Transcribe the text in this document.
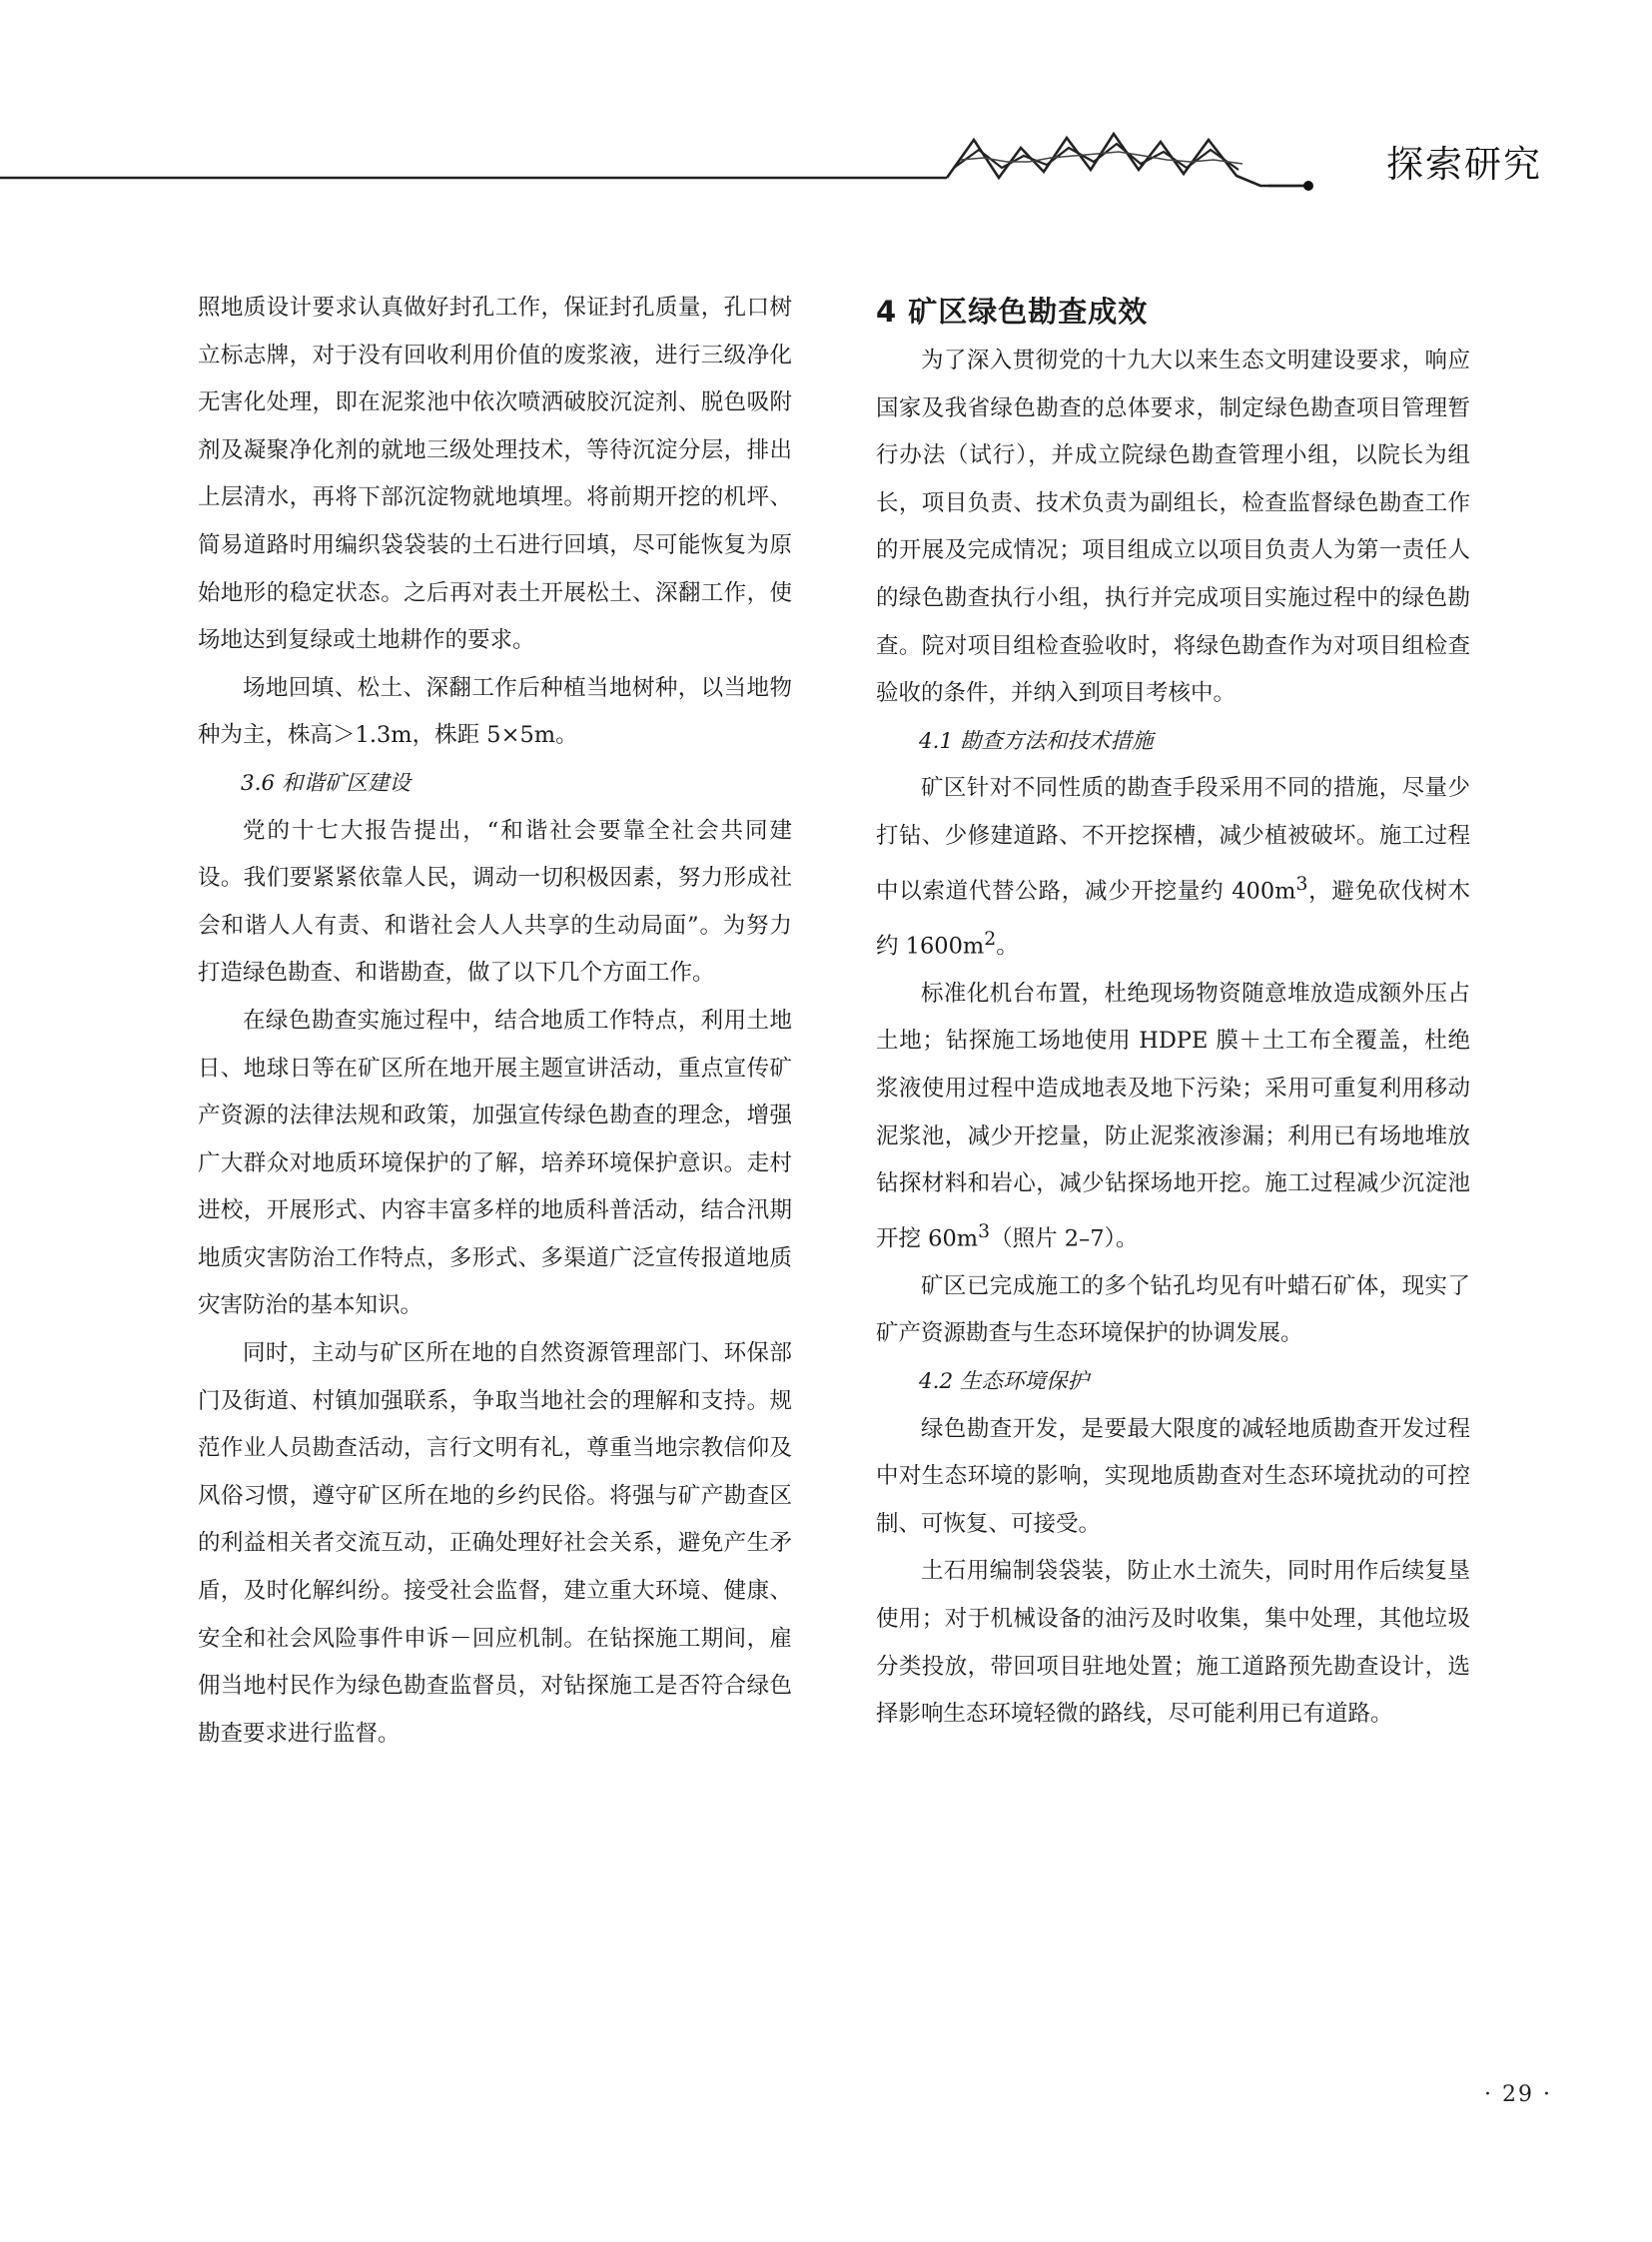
探索研究

照地质设计要求认真做好封孔工作，保证封孔质量，孔口树立标志牌，对于没有回收利用价值的废浆液，进行三级净化无害化处理，即在泥浆池中依次喷洒破胶沉淀剂、脱色吸附剂及凝聚净化剂的就地三级处理技术，等待沉淀分层，排出上层清水，再将下部沉淀物就地填埋。将前期开挖的机坪、简易道路时用编织袋袋装的土石进行回填，尽可能恢复为原始地形的稳定状态。之后再对表土开展松土、深翻工作，使场地达到复绿或土地耕作的要求。

场地回填、松土、深翻工作后种植当地树种，以当地物种为主，株高＞1.3m，株距 5×5m。

3.6 和谐矿区建设

党的十七大报告提出，“和谐社会要靠全社会共同建设。我们要紧紧依靠人民，调动一切积极因素，努力形成社会和谐人人有责、和谐社会人人共享的生动局面”。为努力打造绿色勘查、和谐勘查，做了以下几个方面工作。

在绿色勘查实施过程中，结合地质工作特点，利用土地日、地球日等在矿区所在地开展主题宣讲活动，重点宣传矿产资源的法律法规和政策，加强宣传绿色勘查的理念，增强广大群众对地质环境保护的了解，培养环境保护意识。走村进校，开展形式、内容丰富多样的地质科普活动，结合汛期地质灾害防治工作特点，多形式、多渠道广泛宣传报道地质灾害防治的基本知识。

同时，主动与矿区所在地的自然资源管理部门、环保部门及街道、村镇加强联系，争取当地社会的理解和支持。规范作业人员勘查活动，言行文明有礼，尊重当地宗教信仰及风俗习惯，遵守矿区所在地的乡约民俗。将强与矿产勘查区的利益相关者交流互动，正确处理好社会关系，避免产生矛盾，及时化解纠纷。接受社会监督，建立重大环境、健康、安全和社会风险事件申诉－回应机制。在钻探施工期间，雇佣当地村民作为绿色勘查监督员，对钻探施工是否符合绿色勘查要求进行监督。

4 矿区绿色勘查成效

为了深入贯彻党的十九大以来生态文明建设要求，响应国家及我省绿色勘查的总体要求，制定绿色勘查项目管理暂行办法（试行），并成立院绿色勘查管理小组，以院长为组长，项目负责、技术负责为副组长，检查监督绿色勘查工作的开展及完成情况；项目组成立以项目负责人为第一责任人的绿色勘查执行小组，执行并完成项目实施过程中的绿色勘查。院对项目组检查验收时，将绿色勘查作为对项目组检查验收的条件，并纳入到项目考核中。

4.1 勘查方法和技术措施

矿区针对不同性质的勘查手段采用不同的措施，尽量少打钻、少修建道路、不开挖探槽，减少植被破坏。施工过程中以索道代替公路，减少开挖量约 $400m^3$，避免砍伐树木约 $1600m^2$。

标准化机台布置，杜绝现场物资随意堆放造成额外压占土地；钻探施工场地使用 HDPE 膜＋土工布全覆盖，杜绝浆液使用过程中造成地表及地下污染；采用可重复利用移动泥浆池，减少开挖量，防止泥浆液渗漏；利用已有场地堆放钻探材料和岩心，减少钻探场地开挖。施工过程减少沉淀池开挖 $60m^3$（照片 2–7）。

矿区已完成施工的多个钻孔均见有叶蜡石矿体，现实了矿产资源勘查与生态环境保护的协调发展。

4.2 生态环境保护

绿色勘查开发，是要最大限度的减轻地质勘查开发过程中对生态环境的影响，实现地质勘查对生态环境扰动的可控制、可恢复、可接受。

土石用编制袋袋装，防止水土流失，同时用作后续复垦使用；对于机械设备的油污及时收集，集中处理，其他垃圾分类投放，带回项目驻地处置；施工道路预先勘查设计，选择影响生态环境轻微的路线，尽可能利用已有道路。

· 29 ·
